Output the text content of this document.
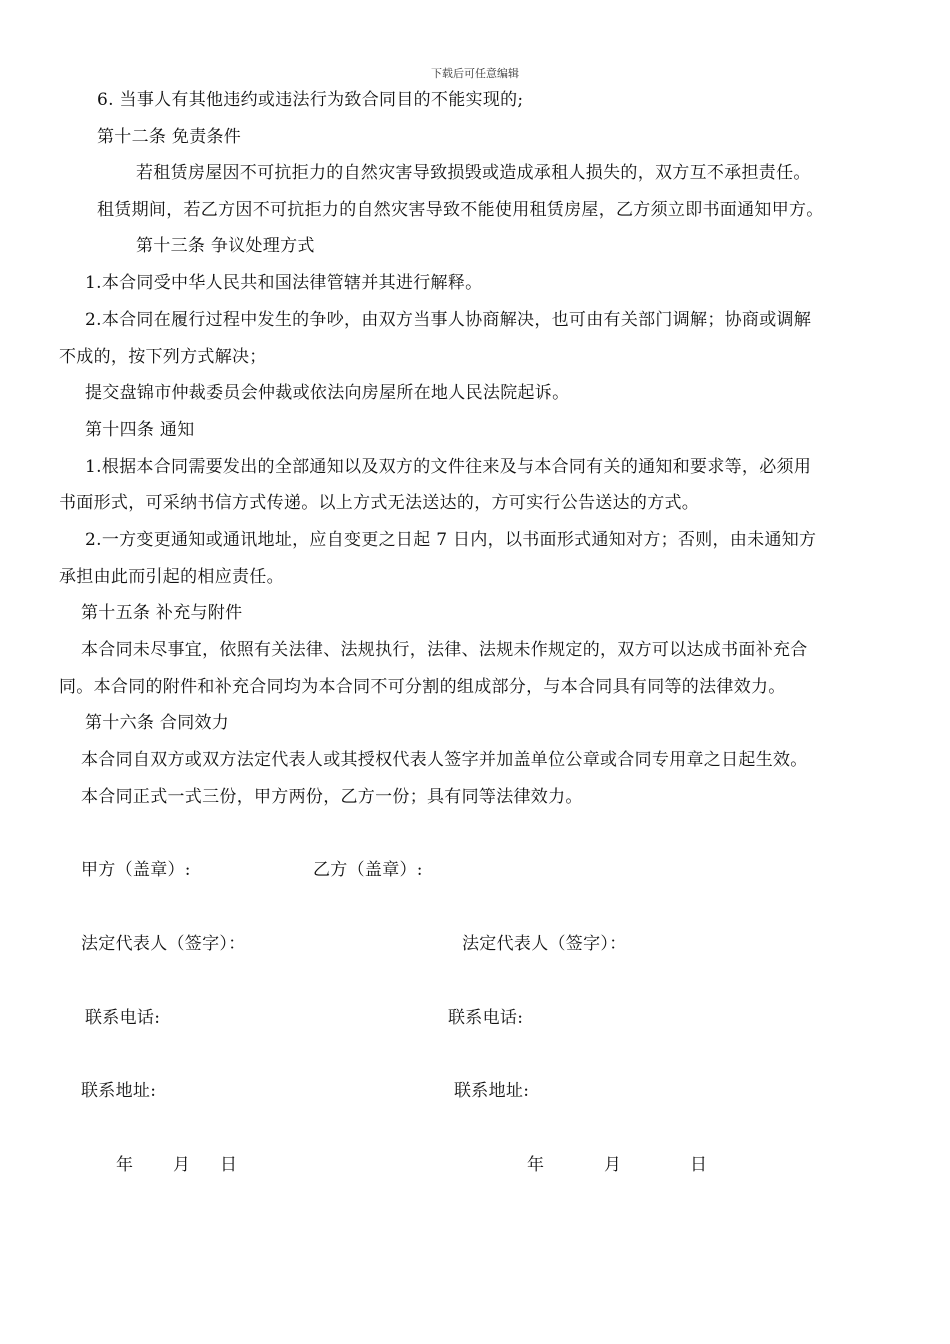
下载后可任意编辑
6. 当事人有其他违约或违法行为致合同目的不能实现的;
第十二条 免责条件
若租赁房屋因不可抗拒力的自然灾害导致损毁或造成承租人损失的，双方互不承担责任。
租赁期间，若乙方因不可抗拒力的自然灾害导致不能使用租赁房屋，乙方须立即书面通知甲方。
第十三条 争议处理方式
1.本合同受中华人民共和国法律管辖并其进行解释。
2.本合同在履行过程中发生的争吵，由双方当事人协商解决，也可由有关部门调解；协商或调解
不成的，按下列方式解决；
提交盘锦市仲裁委员会仲裁或依法向房屋所在地人民法院起诉。
第十四条 通知
1.根据本合同需要发出的全部通知以及双方的文件往来及与本合同有关的通知和要求等，必须用
书面形式，可采纳书信方式传递。以上方式无法送达的，方可实行公告送达的方式。
2.一方变更通知或通讯地址，应自变更之日起 7 日内，以书面形式通知对方；否则，由未通知方
承担由此而引起的相应责任。
第十五条 补充与附件
本合同未尽事宜，依照有关法律、法规执行，法律、法规未作规定的，双方可以达成书面补充合
同。本合同的附件和补充合同均为本合同不可分割的组成部分，与本合同具有同等的法律效力。
第十六条 合同效力
本合同自双方或双方法定代表人或其授权代表人签字并加盖单位公章或合同专用章之日起生效。
本合同正式一式三份，甲方两份，乙方一份；具有同等法律效力。
甲方（盖章）:	乙方（盖章）:
法定代表人（签字）：	法定代表人（签字）：
联系电话:	联系电话:
联系地址:	联系地址:
年 月 日	年	月	日
